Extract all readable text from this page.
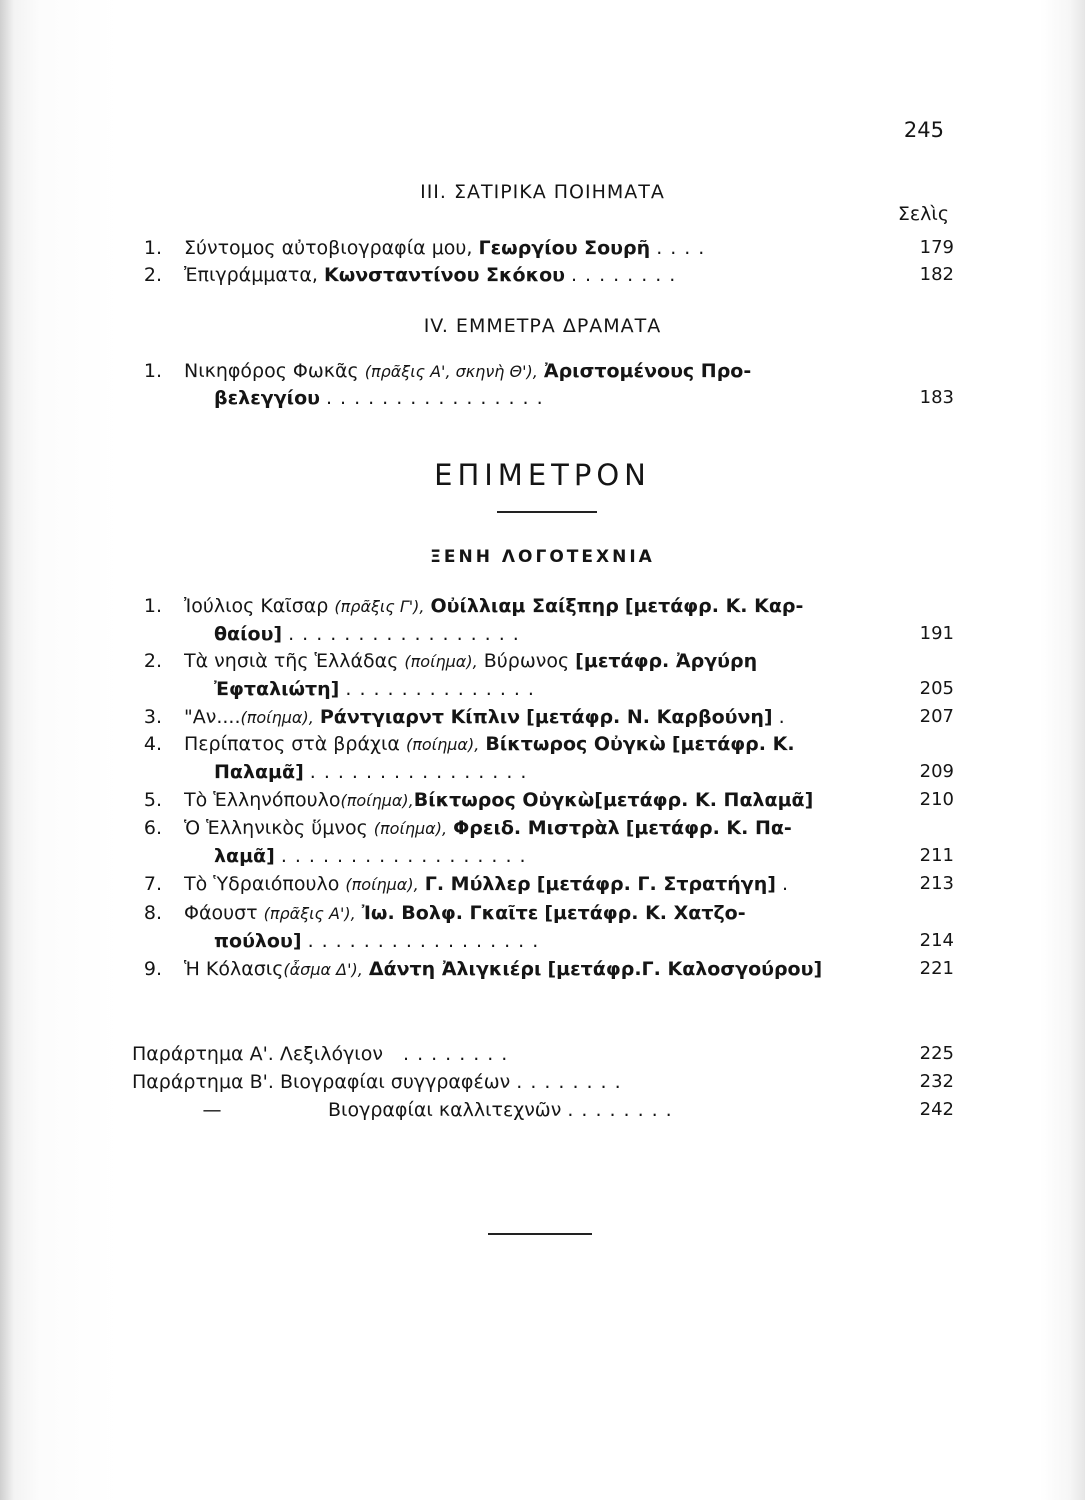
245
III. ΣΑΤΙΡΙΚΑ ΠΟΙΗΜΑΤΑ
Σελὶς
1. Σύντομος αὐτοβιογραφία μου, Γεωργίου Σουρῆ ....	179
2. Ἐπιγράμματα, Κωνσταντίνου Σκόκου ........	182
IV. ΕΜΜΕΤΡΑ ΔΡΑΜΑΤΑ
1. Νικηφόρος Φωκᾶς (πρᾶξις Α', σκηνὴ Θ'), Ἀριστομένους Προ-
βελεγγίου ................	183
ΕΠΙΜΕΤΡΟΝ
ΞΕΝΗ ΛΟΓΟΤΕΧΝΙΑ
1. Ἰούλιος Καῖσαρ (πρᾶξις Γ'), Οὐίλλιαμ Σαίξπηρ [μετάφρ. Κ. Καρ-
θαίου] .................	191
2. Τὰ νησιὰ τῆς Ἑλλάδας (ποίημα), Βύρωνος [μετάφρ. Ἀργύρη
Ἐφταλιώτη] ..............	205
3. "Αν....(ποίημα), Ράντγιαρντ Κίπλιν [μετάφρ. Ν. Καρβούνη] .	207
4. Περίπατος στὰ βράχια (ποίημα), Βίκτωρος Οὐγκὼ [μετάφρ. Κ.
Παλαμᾶ] ................	209
5. Τὸ Ἑλληνόπουλο(ποίημα),Βίκτωρος Οὐγκὼ[μετάφρ. Κ. Παλαμᾶ]	210
6. Ὁ Ἑλληνικὸς ὕμνος (ποίημα), Φρειδ. Μιστρὰλ [μετάφρ. Κ. Πα-
λαμᾶ] ..................	211
7. Τὸ Ὑδραιόπουλο (ποίημα), Γ. Μύλλερ [μετάφρ. Γ. Στρατήγη] .	213
8. Φάουστ (πρᾶξις Α'), Ἰω. Βολφ. Γκαῖτε [μετάφρ. Κ. Χατζο-
πούλου] .................	214
9. Ἡ Κόλασις(ἆσμα Δ'), Δάντη Ἀλιγκιέρι [μετάφρ.Γ. Καλοσγούρου]	221
Παράρτημα Α'. Λεξιλόγιον ........	225
Παράρτημα Β'. Βιογραφίαι συγγραφέων ........	232
—	Βιογραφίαι καλλιτεχνῶν ........	242
